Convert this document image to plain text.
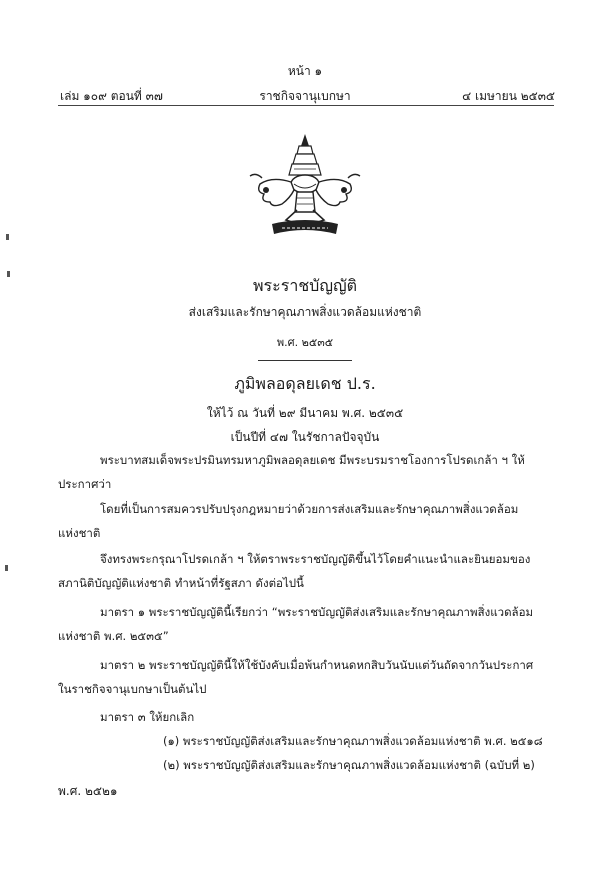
หน้า ๑
เล่ม ๑๐๙ ตอนที่ ๓๗	ราชกิจจานุเบกษา	๔ เมษายน ๒๕๓๕
พระราชบัญญัติ
ส่งเสริมและรักษาคุณภาพสิ่งแวดล้อมแห่งชาติ
พ.ศ. ๒๕๓๕
ภูมิพลอดุลยเดช ป.ร.
ให้ไว้ ณ วันที่ ๒๙ มีนาคม พ.ศ. ๒๕๓๕
เป็นปีที่ ๔๗ ในรัชกาลปัจจุบัน
พระบาทสมเด็จพระปรมินทรมหาภูมิพลอดุลยเดช มีพระบรมราชโองการโปรดเกล้า ฯ ให้
ประกาศว่า
โดยที่เป็นการสมควรปรับปรุงกฎหมายว่าด้วยการส่งเสริมและรักษาคุณภาพสิ่งแวดล้อม
แห่งชาติ
จึงทรงพระกรุณาโปรดเกล้า ฯ ให้ตราพระราชบัญญัติขึ้นไว้โดยคำแนะนำและยินยอมของ
สภานิติบัญญัติแห่งชาติ ทำหน้าที่รัฐสภา ดังต่อไปนี้
มาตรา ๑ พระราชบัญญัตินี้เรียกว่า “พระราชบัญญัติส่งเสริมและรักษาคุณภาพสิ่งแวดล้อม
แห่งชาติ พ.ศ. ๒๕๓๕”
มาตรา ๒ พระราชบัญญัตินี้ให้ใช้บังคับเมื่อพ้นกำหนดหกสิบวันนับแต่วันถัดจากวันประกาศ
ในราชกิจจานุเบกษาเป็นต้นไป
มาตรา ๓ ให้ยกเลิก
(๑) พระราชบัญญัติส่งเสริมและรักษาคุณภาพสิ่งแวดล้อมแห่งชาติ พ.ศ. ๒๕๑๘
(๒) พระราชบัญญัติส่งเสริมและรักษาคุณภาพสิ่งแวดล้อมแห่งชาติ (ฉบับที่ ๒)
พ.ศ. ๒๕๒๑
